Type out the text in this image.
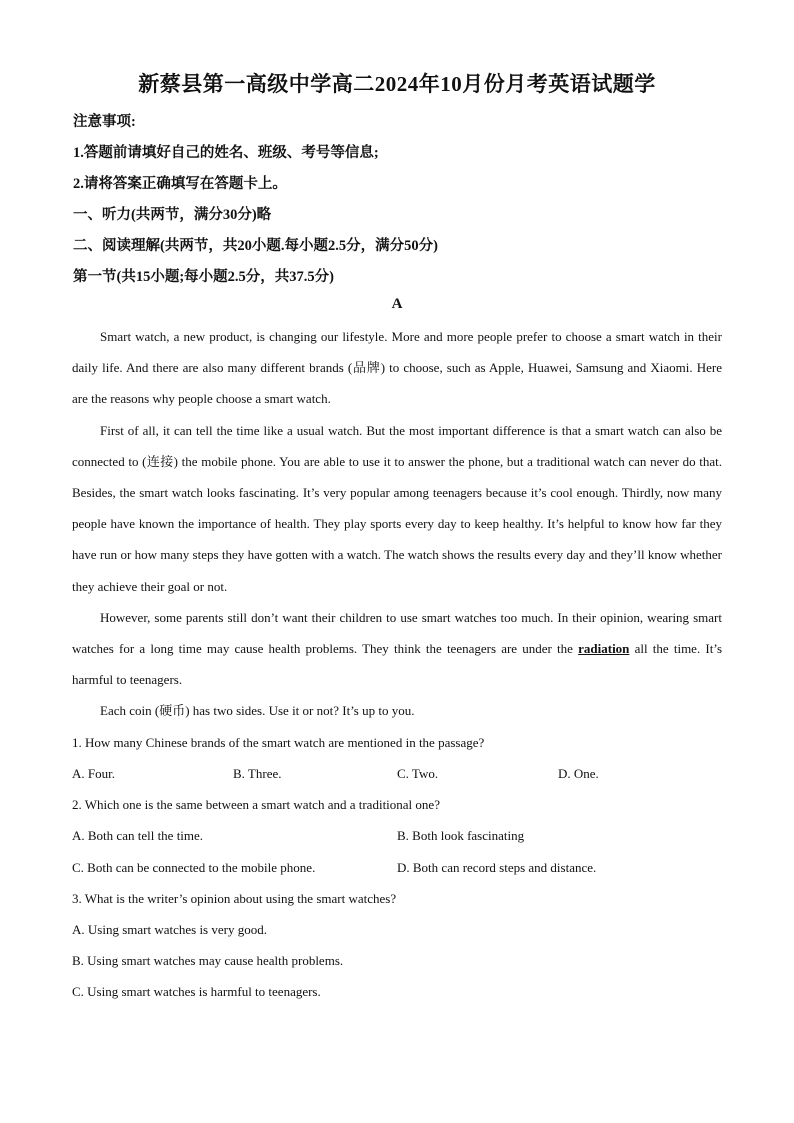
新蔡县第一高级中学高二2024年10月份月考英语试题学
注意事项:
1.答题前请填好自己的姓名、班级、考号等信息;
2.请将答案正确填写在答题卡上。
一、听力(共两节，满分30分)略
二、阅读理解(共两节，共20小题.每小题2.5分，满分50分)
第一节(共15小题;每小题2.5分，共37.5分)
A

Smart watch, a new product, is changing our lifestyle. More and more people prefer to choose a smart watch in their daily life. And there are also many different brands (品牌) to choose, such as Apple, Huawei, Samsung and Xiaomi. Here are the reasons why people choose a smart watch.

First of all, it can tell the time like a usual watch. But the most important difference is that a smart watch can also be connected to (连接) the mobile phone. You are able to use it to answer the phone, but a traditional watch can never do that. Besides, the smart watch looks fascinating. It’s very popular among teenagers because it’s cool enough. Thirdly, now many people have known the importance of health. They play sports every day to keep healthy. It’s helpful to know how far they have run or how many steps they have gotten with a watch. The watch shows the results every day and they’ll know whether they achieve their goal or not.

However, some parents still don’t want their children to use smart watches too much. In their opinion, wearing smart watches for a long time may cause health problems. They think the teenagers are under the radiation all the time. It’s harmful to teenagers.

Each coin (硬币) has two sides. Use it or not? It’s up to you.

1. How many Chinese brands of the smart watch are mentioned in the passage?
A. Four.	B. Three.	C. Two.	D. One.
2. Which one is the same between a smart watch and a traditional one?
A. Both can tell the time.	B. Both look fascinating
C. Both can be connected to the mobile phone.	D. Both can record steps and distance.
3. What is the writer’s opinion about using the smart watches?
A. Using smart watches is very good.
B. Using smart watches may cause health problems.
C. Using smart watches is harmful to teenagers.
